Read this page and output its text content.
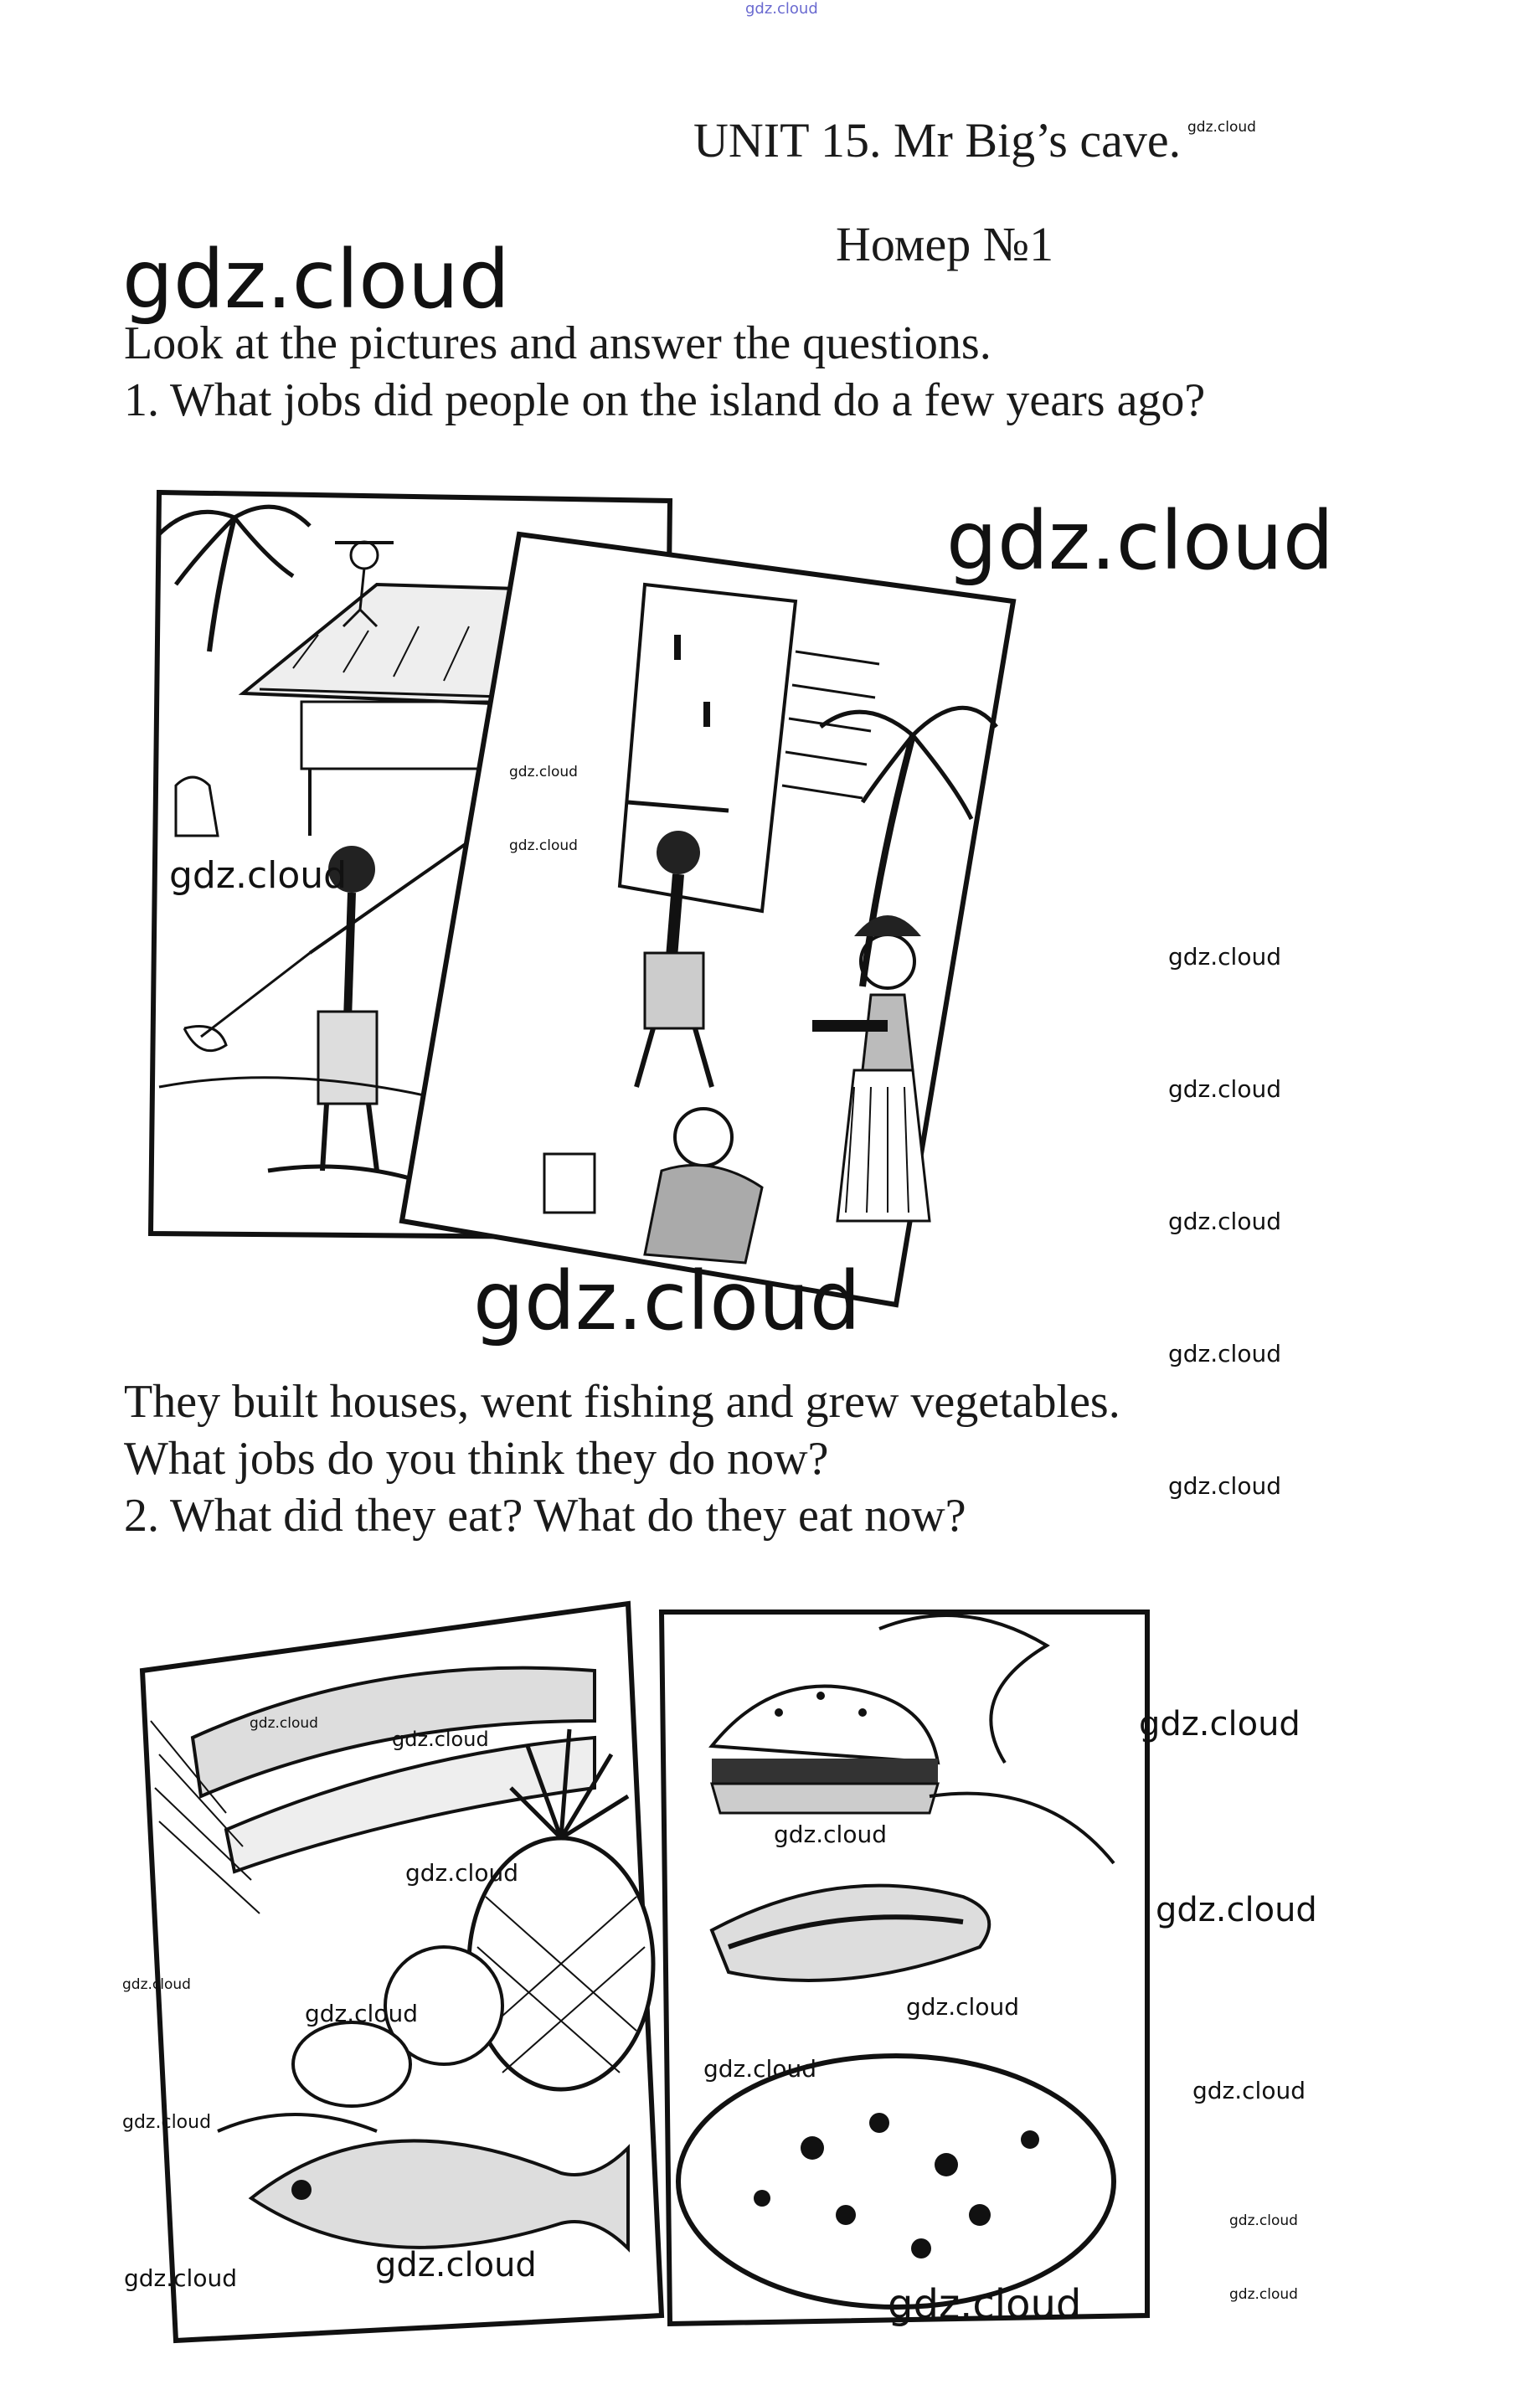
gdz.cloud
UNIT 15. Mr Big’s cave. gdz.cloud
Номер №1
gdz.cloud
Look at the pictures and answer the questions.
1. What jobs did people on the island do a few years ago?
gdz.cloud
gdz.cloud
gdz.cloud
gdz.cloud
gdz.cloud
gdz.cloud
gdz.cloud
gdz.cloud
gdz.cloud
They built houses, went fishing and grew vegetables.
What jobs do you think they do now?
gdz.cloud
2. What did they eat? What do they eat now?
gdz.cloud
gdz.cloud	gdz.cloud
gdz.cloud
gdz.cloud
gdz.cloud
gdz.cloud
gdz.cloud
gdz.cloud
gdz.cloud
gdz.cloud
gdz.cloud
gdz.cloud
gdz.cloud
gdz.cloud
gdz.cloud
gdz.cloud
